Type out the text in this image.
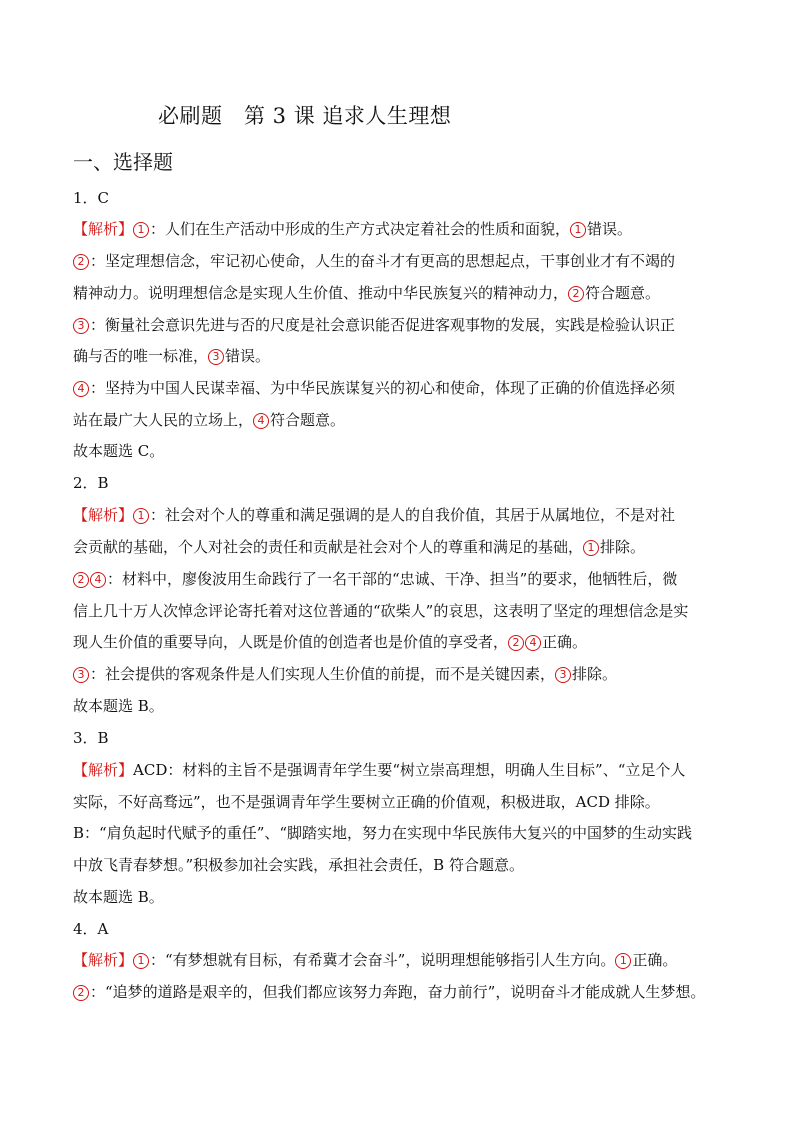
必刷题　第 3 课 追求人生理想
一、选择题
1．C
【解析】 1 ：人们在生产活动中形成的生产方式决定着社会的性质和面貌， 1 错误。
2 ：坚定理想信念，牢记初心使命，人生的奋斗才有更高的思想起点，干事创业才有不竭的
精神动力。说明理想信念是实现人生价值、推动中华民族复兴的精神动力， 2 符合题意。
3 ：衡量社会意识先进与否的尺度是社会意识能否促进客观事物的发展，实践是检验认识正
确与否的唯一标准， 3 错误。
4 ：坚持为中国人民谋幸福、为中华民族谋复兴的初心和使命，体现了正确的价值选择必须
站在最广大人民的立场上， 4 符合题意。
故本题选 C。
2．B
【解析】 1 ：社会对个人的尊重和满足强调的是人的自我价值，其居于从属地位，不是对社
会贡献的基础，个人对社会的责任和贡献是社会对个人的尊重和满足的基础， 1 排除。
2 4 ：材料中，廖俊波用生命践行了一名干部的“忠诚、干净、担当”的要求，他牺牲后，微
信上几十万人次悼念评论寄托着对这位普通的“砍柴人”的哀思，这表明了坚定的理想信念是实
现人生价值的重要导向，人既是价值的创造者也是价值的享受者， 2 4 正确。
3 ：社会提供的客观条件是人们实现人生价值的前提，而不是关键因素， 3 排除。
故本题选 B。
3．B
【解析】ACD：材料的主旨不是强调青年学生要“树立崇高理想，明确人生目标”、“立足个人
实际，不好高骛远”，也不是强调青年学生要树立正确的价值观，积极进取，ACD 排除。
B：“肩负起时代赋予的重任”、“脚踏实地，努力在实现中华民族伟大复兴的中国梦的生动实践
中放飞青春梦想。”积极参加社会实践，承担社会责任，B 符合题意。
故本题选 B。
4．A
【解析】 1 ：“有梦想就有目标，有希冀才会奋斗”，说明理想能够指引人生方向。 1 正确。
2 ：“追梦的道路是艰辛的，但我们都应该努力奔跑，奋力前行”，说明奋斗才能成就人生梦想。
